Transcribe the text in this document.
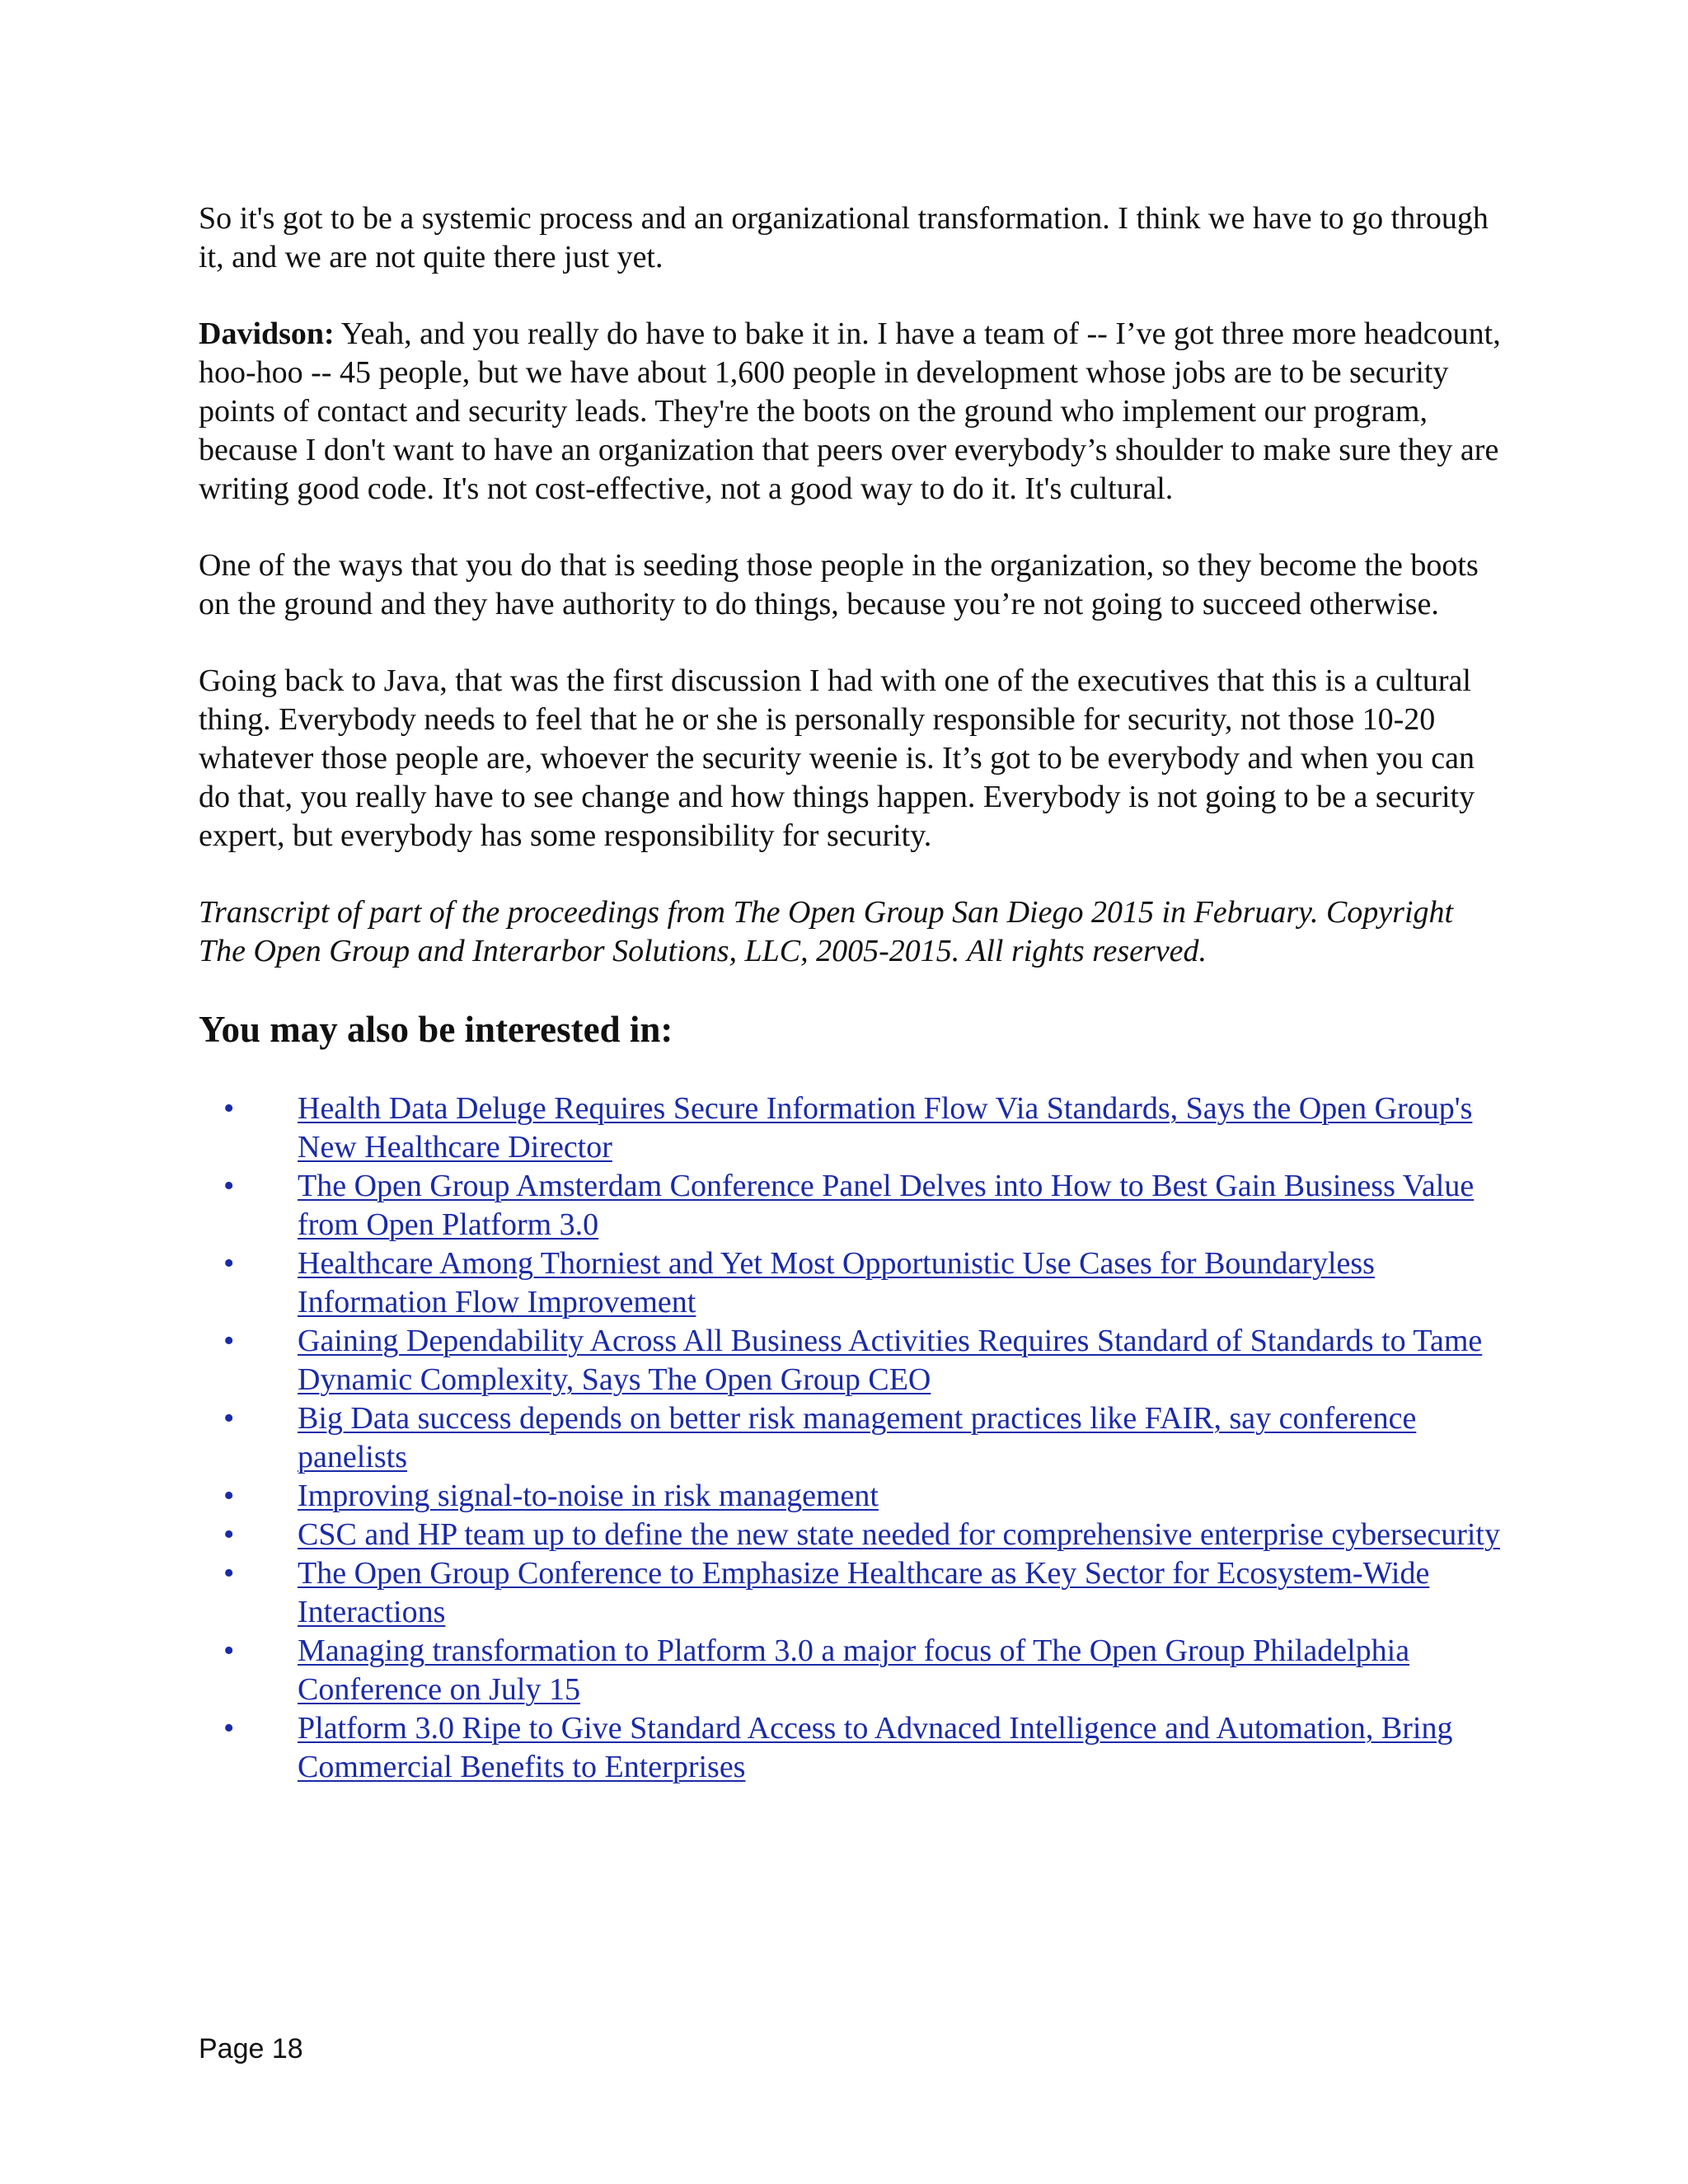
So it's got to be a systemic process and an organizational transformation. I think we have to go through it, and we are not quite there just yet.

Davidson: Yeah, and you really do have to bake it in. I have a team of -- I’ve got three more headcount, hoo-hoo -- 45 people, but we have about 1,600 people in development whose jobs are to be security points of contact and security leads. They're the boots on the ground who implement our program, because I don't want to have an organization that peers over everybody’s shoulder to make sure they are writing good code. It's not cost-effective, not a good way to do it. It's cultural.

One of the ways that you do that is seeding those people in the organization, so they become the boots on the ground and they have authority to do things, because you’re not going to succeed otherwise.

Going back to Java, that was the first discussion I had with one of the executives that this is a cultural thing. Everybody needs to feel that he or she is personally responsible for security, not those 10-20 whatever those people are, whoever the security weenie is. It’s got to be everybody and when you can do that, you really have to see change and how things happen. Everybody is not going to be a security expert, but everybody has some responsibility for security.

Transcript of part of the proceedings from The Open Group San Diego 2015 in February. Copyright The Open Group and Interarbor Solutions, LLC, 2005-2015. All rights reserved.

You may also be interested in:
• Health Data Deluge Requires Secure Information Flow Via Standards, Says the Open Group's New Healthcare Director
• The Open Group Amsterdam Conference Panel Delves into How to Best Gain Business Value from Open Platform 3.0
• Healthcare Among Thorniest and Yet Most Opportunistic Use Cases for Boundaryless Information Flow Improvement
• Gaining Dependability Across All Business Activities Requires Standard of Standards to Tame Dynamic Complexity, Says The Open Group CEO
• Big Data success depends on better risk management practices like FAIR, say conference panelists
• Improving signal-to-noise in risk management
• CSC and HP team up to define the new state needed for comprehensive enterprise cybersecurity
• The Open Group Conference to Emphasize Healthcare as Key Sector for Ecosystem-Wide Interactions
• Managing transformation to Platform 3.0 a major focus of The Open Group Philadelphia Conference on July 15
• Platform 3.0 Ripe to Give Standard Access to Advnaced Intelligence and Automation, Bring Commercial Benefits to Enterprises
Page 18
